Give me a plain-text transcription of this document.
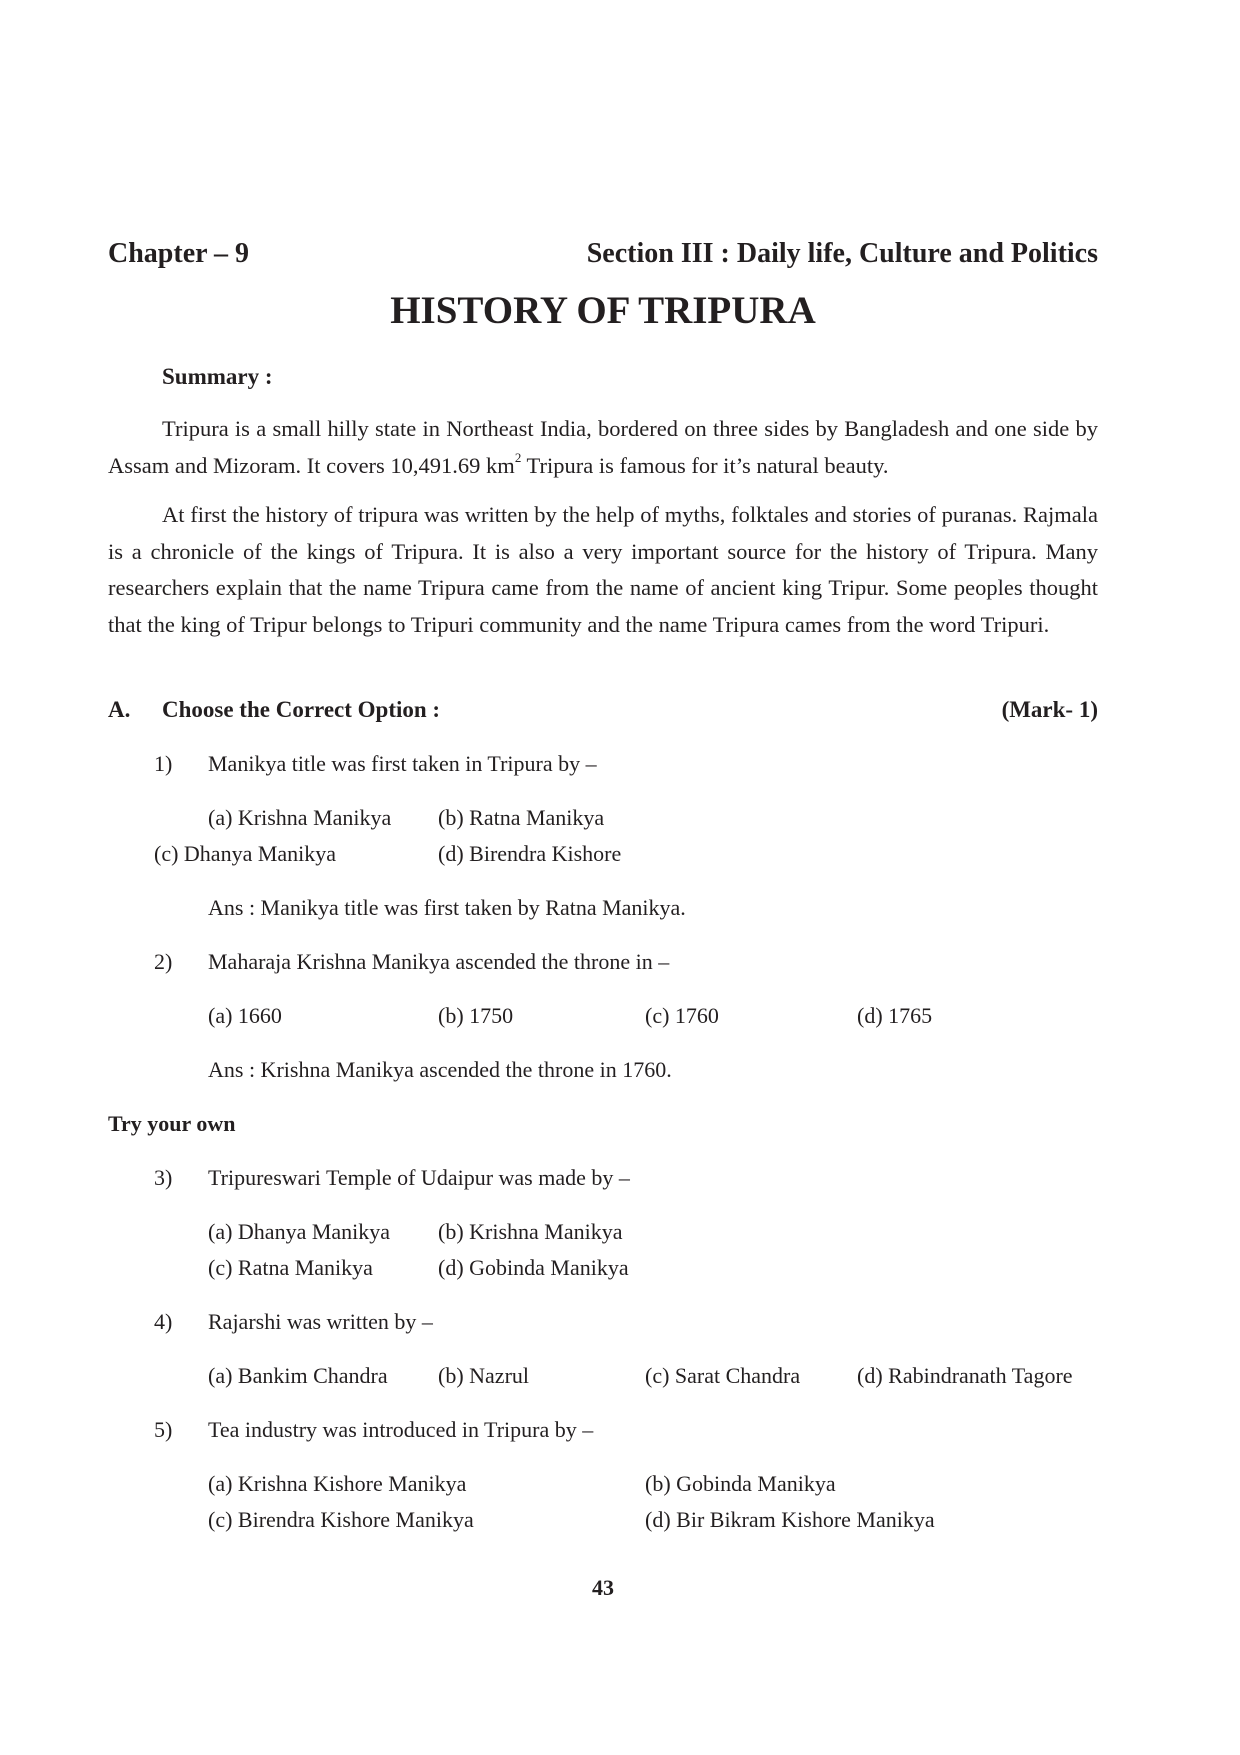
Chapter – 9	Section III : Daily life, Culture and Politics
HISTORY OF TRIPURA
Summary :
Tripura is a small hilly state in Northeast India, bordered on three sides by Bangladesh and one side by Assam and Mizoram. It covers 10,491.69 $km^2$ Tripura is famous for it’s natural beauty.
At first the history of tripura was written by the help of myths, folktales and stories of puranas. Rajmala is a chronicle of the kings of Tripura. It is also a very important source for the history of Tripura. Many researchers explain that the name Tripura came from the name of ancient king Tripur. Some peoples thought that the king of Tripur belongs to Tripuri community and the name Tripura cames from the word Tripuri.
A. Choose the Correct Option :	(Mark- 1)
1) Manikya title was first taken in Tripura by –
(a) Krishna Manikya (b) Ratna Manikya
(c) Dhanya Manikya	(d) Birendra Kishore
Ans : Manikya title was first taken by Ratna Manikya.
2) Maharaja Krishna Manikya ascended the throne in –
(a) 1660	(b) 1750	(c) 1760	(d) 1765
Ans : Krishna Manikya ascended the throne in 1760.
Try your own
3) Tripureswari Temple of Udaipur was made by –
(a) Dhanya Manikya (b) Krishna Manikya
(c) Ratna Manikya	(d) Gobinda Manikya
4) Rajarshi was written by –
(a) Bankim Chandra (b) Nazrul	(c) Sarat Chandra	(d) Rabindranath Tagore
5) Tea industry was introduced in Tripura by –
(a) Krishna Kishore Manikya	(b) Gobinda Manikya
(c) Birendra Kishore Manikya	(d) Bir Bikram Kishore Manikya
43
